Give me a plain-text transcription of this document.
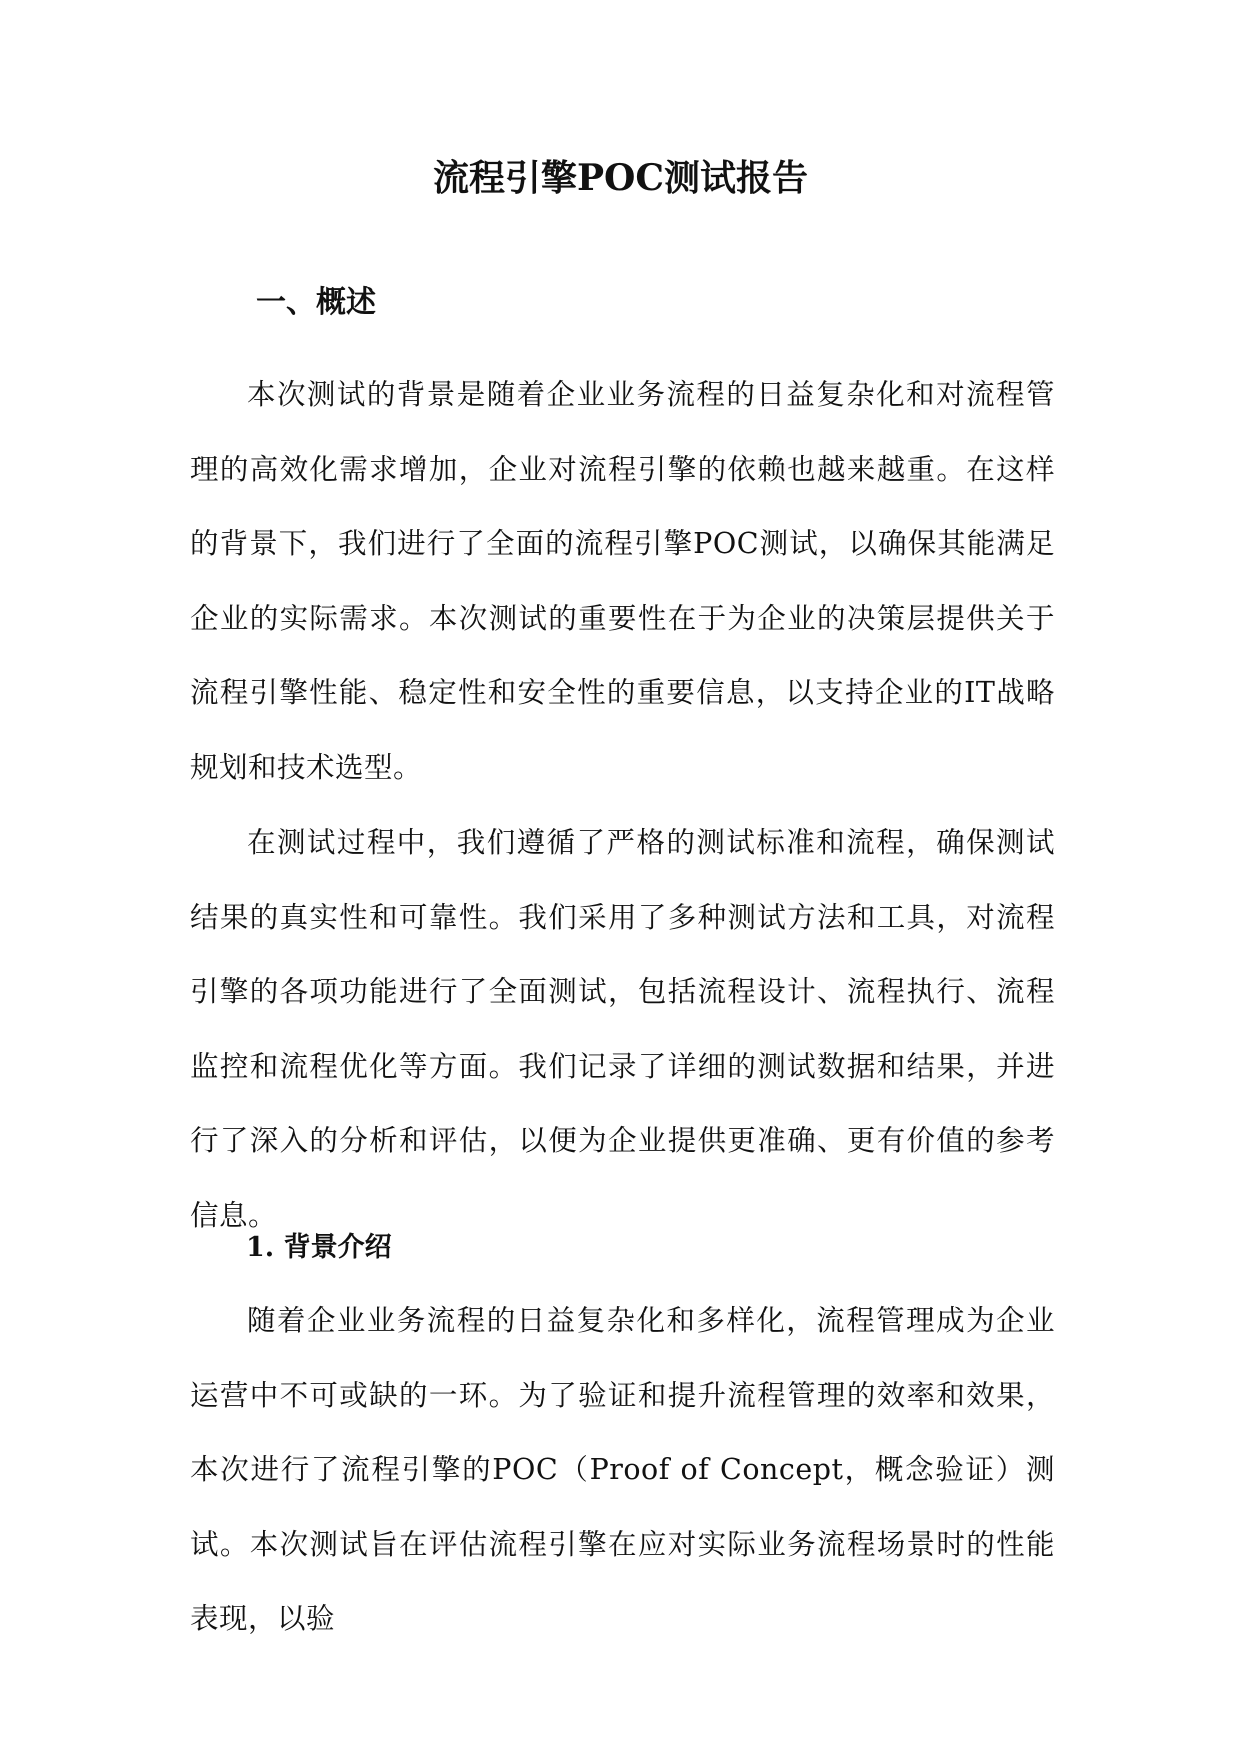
流程引擎POC测试报告
一、概述

本次测试的背景是随着企业业务流程的日益复杂化和对流程管理的高效化需求增加，企业对流程引擎的依赖也越来越重。在这样的背景下，我们进行了全面的流程引擎POC测试，以确保其能满足企业的实际需求。本次测试的重要性在于为企业的决策层提供关于流程引擎性能、稳定性和安全性的重要信息，以支持企业的IT战略规划和技术选型。

在测试过程中，我们遵循了严格的测试标准和流程，确保测试结果的真实性和可靠性。我们采用了多种测试方法和工具，对流程引擎的各项功能进行了全面测试，包括流程设计、流程执行、流程监控和流程优化等方面。我们记录了详细的测试数据和结果，并进行了深入的分析和评估，以便为企业提供更准确、更有价值的参考信息。

1. 背景介绍

随着企业业务流程的日益复杂化和多样化，流程管理成为企业运营中不可或缺的一环。为了验证和提升流程管理的效率和效果，本次进行了流程引擎的POC（Proof of Concept，概念验证）测试。本次测试旨在评估流程引擎在应对实际业务流程场景时的性能表现，以验
